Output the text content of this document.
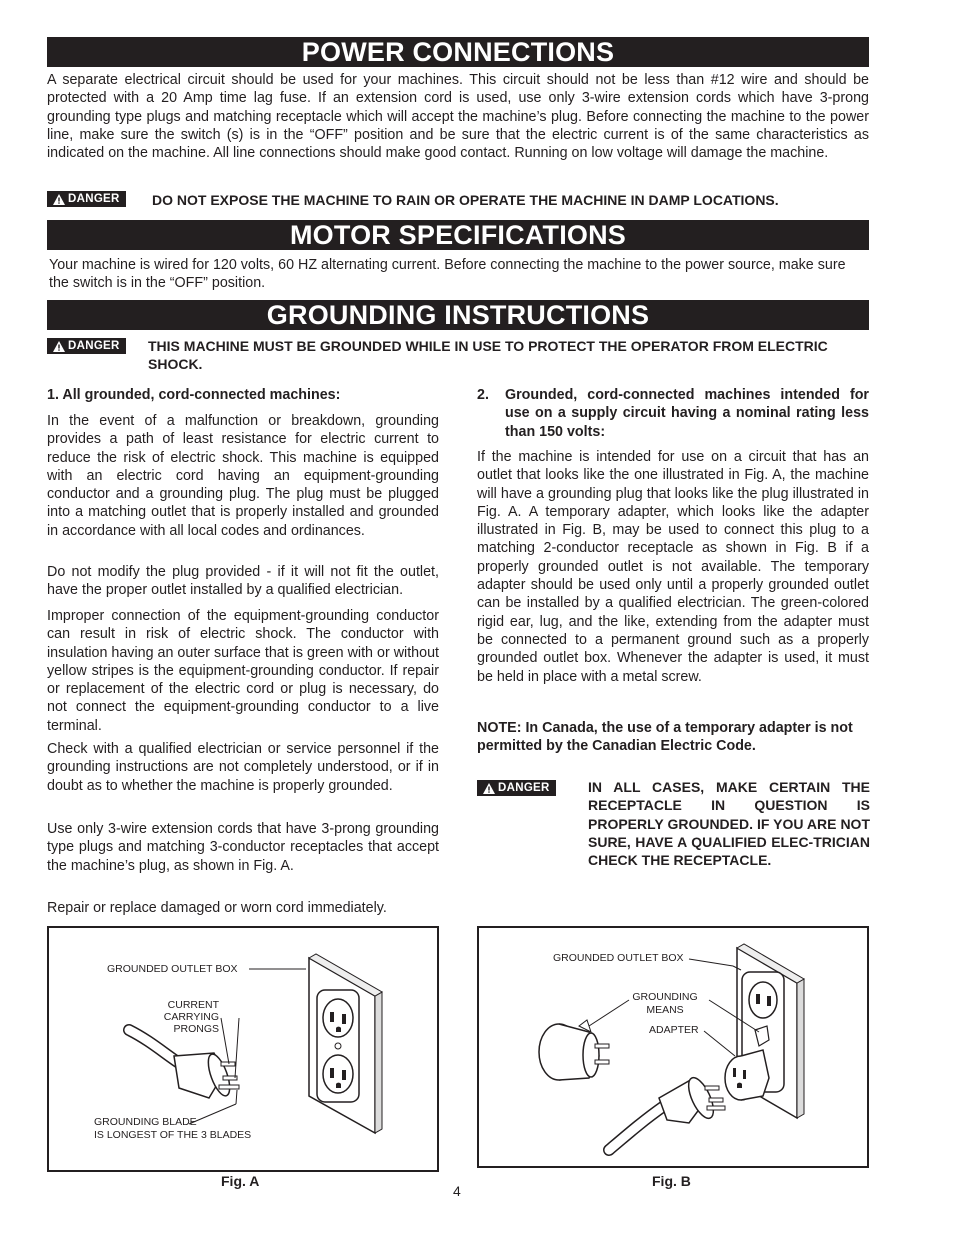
POWER CONNECTIONS
A separate electrical circuit should be used for your machines. This circuit should not be less than #12 wire and should be protected with a 20 Amp time lag fuse. If an extension cord is used, use only 3-wire extension cords which have 3-prong grounding type plugs and matching receptacle which will accept the machine’s plug. Before connecting the machine to the power line, make sure the switch (s) is in the “OFF” position and be sure that the electric current is of the same characteristics as indicated on the machine. All line connections should make good contact. Running on low voltage will damage the machine.
DANGER DO NOT EXPOSE THE MACHINE TO RAIN OR OPERATE THE MACHINE IN DAMP LOCATIONS.
MOTOR SPECIFICATIONS
Your machine is wired for 120 volts, 60 HZ alternating current. Before connecting the machine to the power source, make sure the switch is in the “OFF” position.
GROUNDING INSTRUCTIONS
DANGER THIS MACHINE MUST BE GROUNDED WHILE IN USE TO PROTECT THE OPERATOR FROM ELECTRIC SHOCK.
1. All grounded, cord-connected machines:
In the event of a malfunction or breakdown, grounding provides a path of least resistance for electric current to reduce the risk of electric shock. This machine is equipped with an electric cord having an equipment-grounding conductor and a grounding plug. The plug must be plugged into a matching outlet that is properly installed and grounded in accordance with all local codes and ordinances.
Do not modify the plug provided - if it will not fit the outlet, have the proper outlet installed by a qualified electrician.
Improper connection of the equipment-grounding conductor can result in risk of electric shock. The conductor with insulation having an outer surface that is green with or without yellow stripes is the equipment-grounding conductor. If repair or replacement of the electric cord or plug is necessary, do not connect the equipment-grounding conductor to a live terminal.
Check with a qualified electrician or service personnel if the grounding instructions are not completely understood, or if in doubt as to whether the machine is properly grounded.
Use only 3-wire extension cords that have 3-prong grounding type plugs and matching 3-conductor receptacles that accept the machine’s plug, as shown in Fig. A.
Repair or replace damaged or worn cord immediately.
2.	Grounded, cord-connected machines intended for use on a supply circuit having a nominal rating less than 150 volts:
If the machine is intended for use on a circuit that has an outlet that looks like the one illustrated in Fig. A, the machine will have a grounding plug that looks like the plug illustrated in Fig. A. A temporary adapter, which looks like the adapter illustrated in Fig. B, may be used to connect this plug to a matching 2-conductor receptacle as shown in Fig. B if a properly grounded outlet is not available. The temporary adapter should be used only until a properly grounded outlet can be installed by a qualified electrician. The green-colored rigid ear, lug, and the like, extending from the adapter must be connected to a permanent ground such as a properly grounded outlet box. Whenever the adapter is used, it must be held in place with a metal screw.
NOTE: In Canada, the use of a temporary adapter is not permitted by the Canadian Electric Code.
DANGER	IN ALL CASES, MAKE CERTAIN THE RECEPTACLE IN QUESTION IS PROPERLY GROUNDED. IF YOU ARE NOT SURE, HAVE A QUALIFIED ELEC-TRICIAN CHECK THE RECEPTACLE.
GROUNDED OUTLET BOX
CURRENT
CARRYING
PRONGS
GROUNDING BLADE
IS LONGEST OF THE 3 BLADES
Fig. A
GROUNDED OUTLET BOX
GROUNDING
MEANS
ADAPTER
Fig. B
4
